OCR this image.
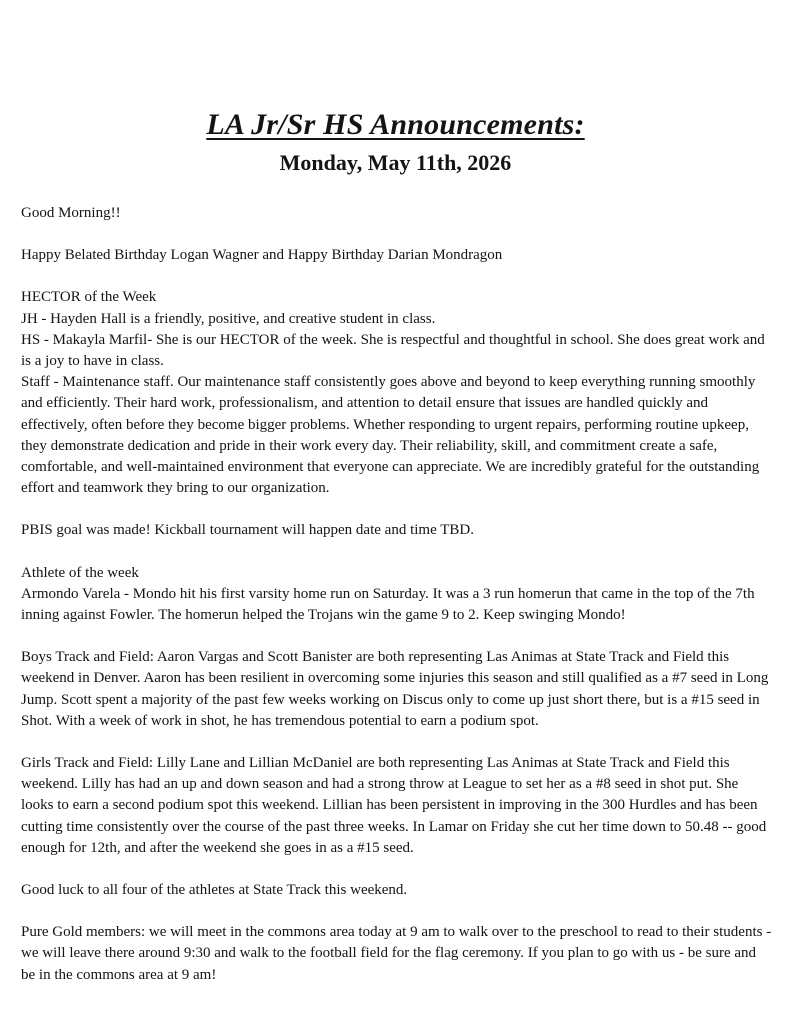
LA Jr/Sr HS Announcements:
Monday, May 11th, 2026

Good Morning!!

Happy Belated Birthday Logan Wagner and Happy Birthday Darian Mondragon

HECTOR of the Week

JH - Hayden Hall is a friendly, positive, and creative student in class.

HS - Makayla Marfil- She is our HECTOR of the week. She is respectful and thoughtful in school. She does great work and is a joy to have in class.

Staff - Maintenance staff. Our maintenance staff consistently goes above and beyond to keep everything running smoothly and efficiently. Their hard work, professionalism, and attention to detail ensure that issues are handled quickly and effectively, often before they become bigger problems. Whether responding to urgent repairs, performing routine upkeep, they demonstrate dedication and pride in their work every day. Their reliability, skill, and commitment create a safe, comfortable, and well-maintained environment that everyone can appreciate. We are incredibly grateful for the outstanding effort and teamwork they bring to our organization.

PBIS goal was made! Kickball tournament will happen date and time TBD.

Athlete of the week

Armondo Varela - Mondo hit his first varsity home run on Saturday. It was a 3 run homerun that came in the top of the 7th inning against Fowler. The homerun helped the Trojans win the game 9 to 2. Keep swinging Mondo!

Boys Track and Field: Aaron Vargas and Scott Banister are both representing Las Animas at State Track and Field this weekend in Denver. Aaron has been resilient in overcoming some injuries this season and still qualified as a #7 seed in Long Jump. Scott spent a majority of the past few weeks working on Discus only to come up just short there, but is a #15 seed in Shot. With a week of work in shot, he has tremendous potential to earn a podium spot.

Girls Track and Field: Lilly Lane and Lillian McDaniel are both representing Las Animas at State Track and Field this weekend. Lilly has had an up and down season and had a strong throw at League to set her as a #8 seed in shot put. She looks to earn a second podium spot this weekend. Lillian has been persistent in improving in the 300 Hurdles and has been cutting time consistently over the course of the past three weeks. In Lamar on Friday she cut her time down to 50.48 -- good enough for 12th, and after the weekend she goes in as a #15 seed.

Good luck to all four of the athletes at State Track this weekend.

Pure Gold members: we will meet in the commons area today at 9 am to walk over to the preschool to read to their students - we will leave there around 9:30 and walk to the football field for the flag ceremony. If you plan to go with us - be sure and be in the commons area at 9 am!
